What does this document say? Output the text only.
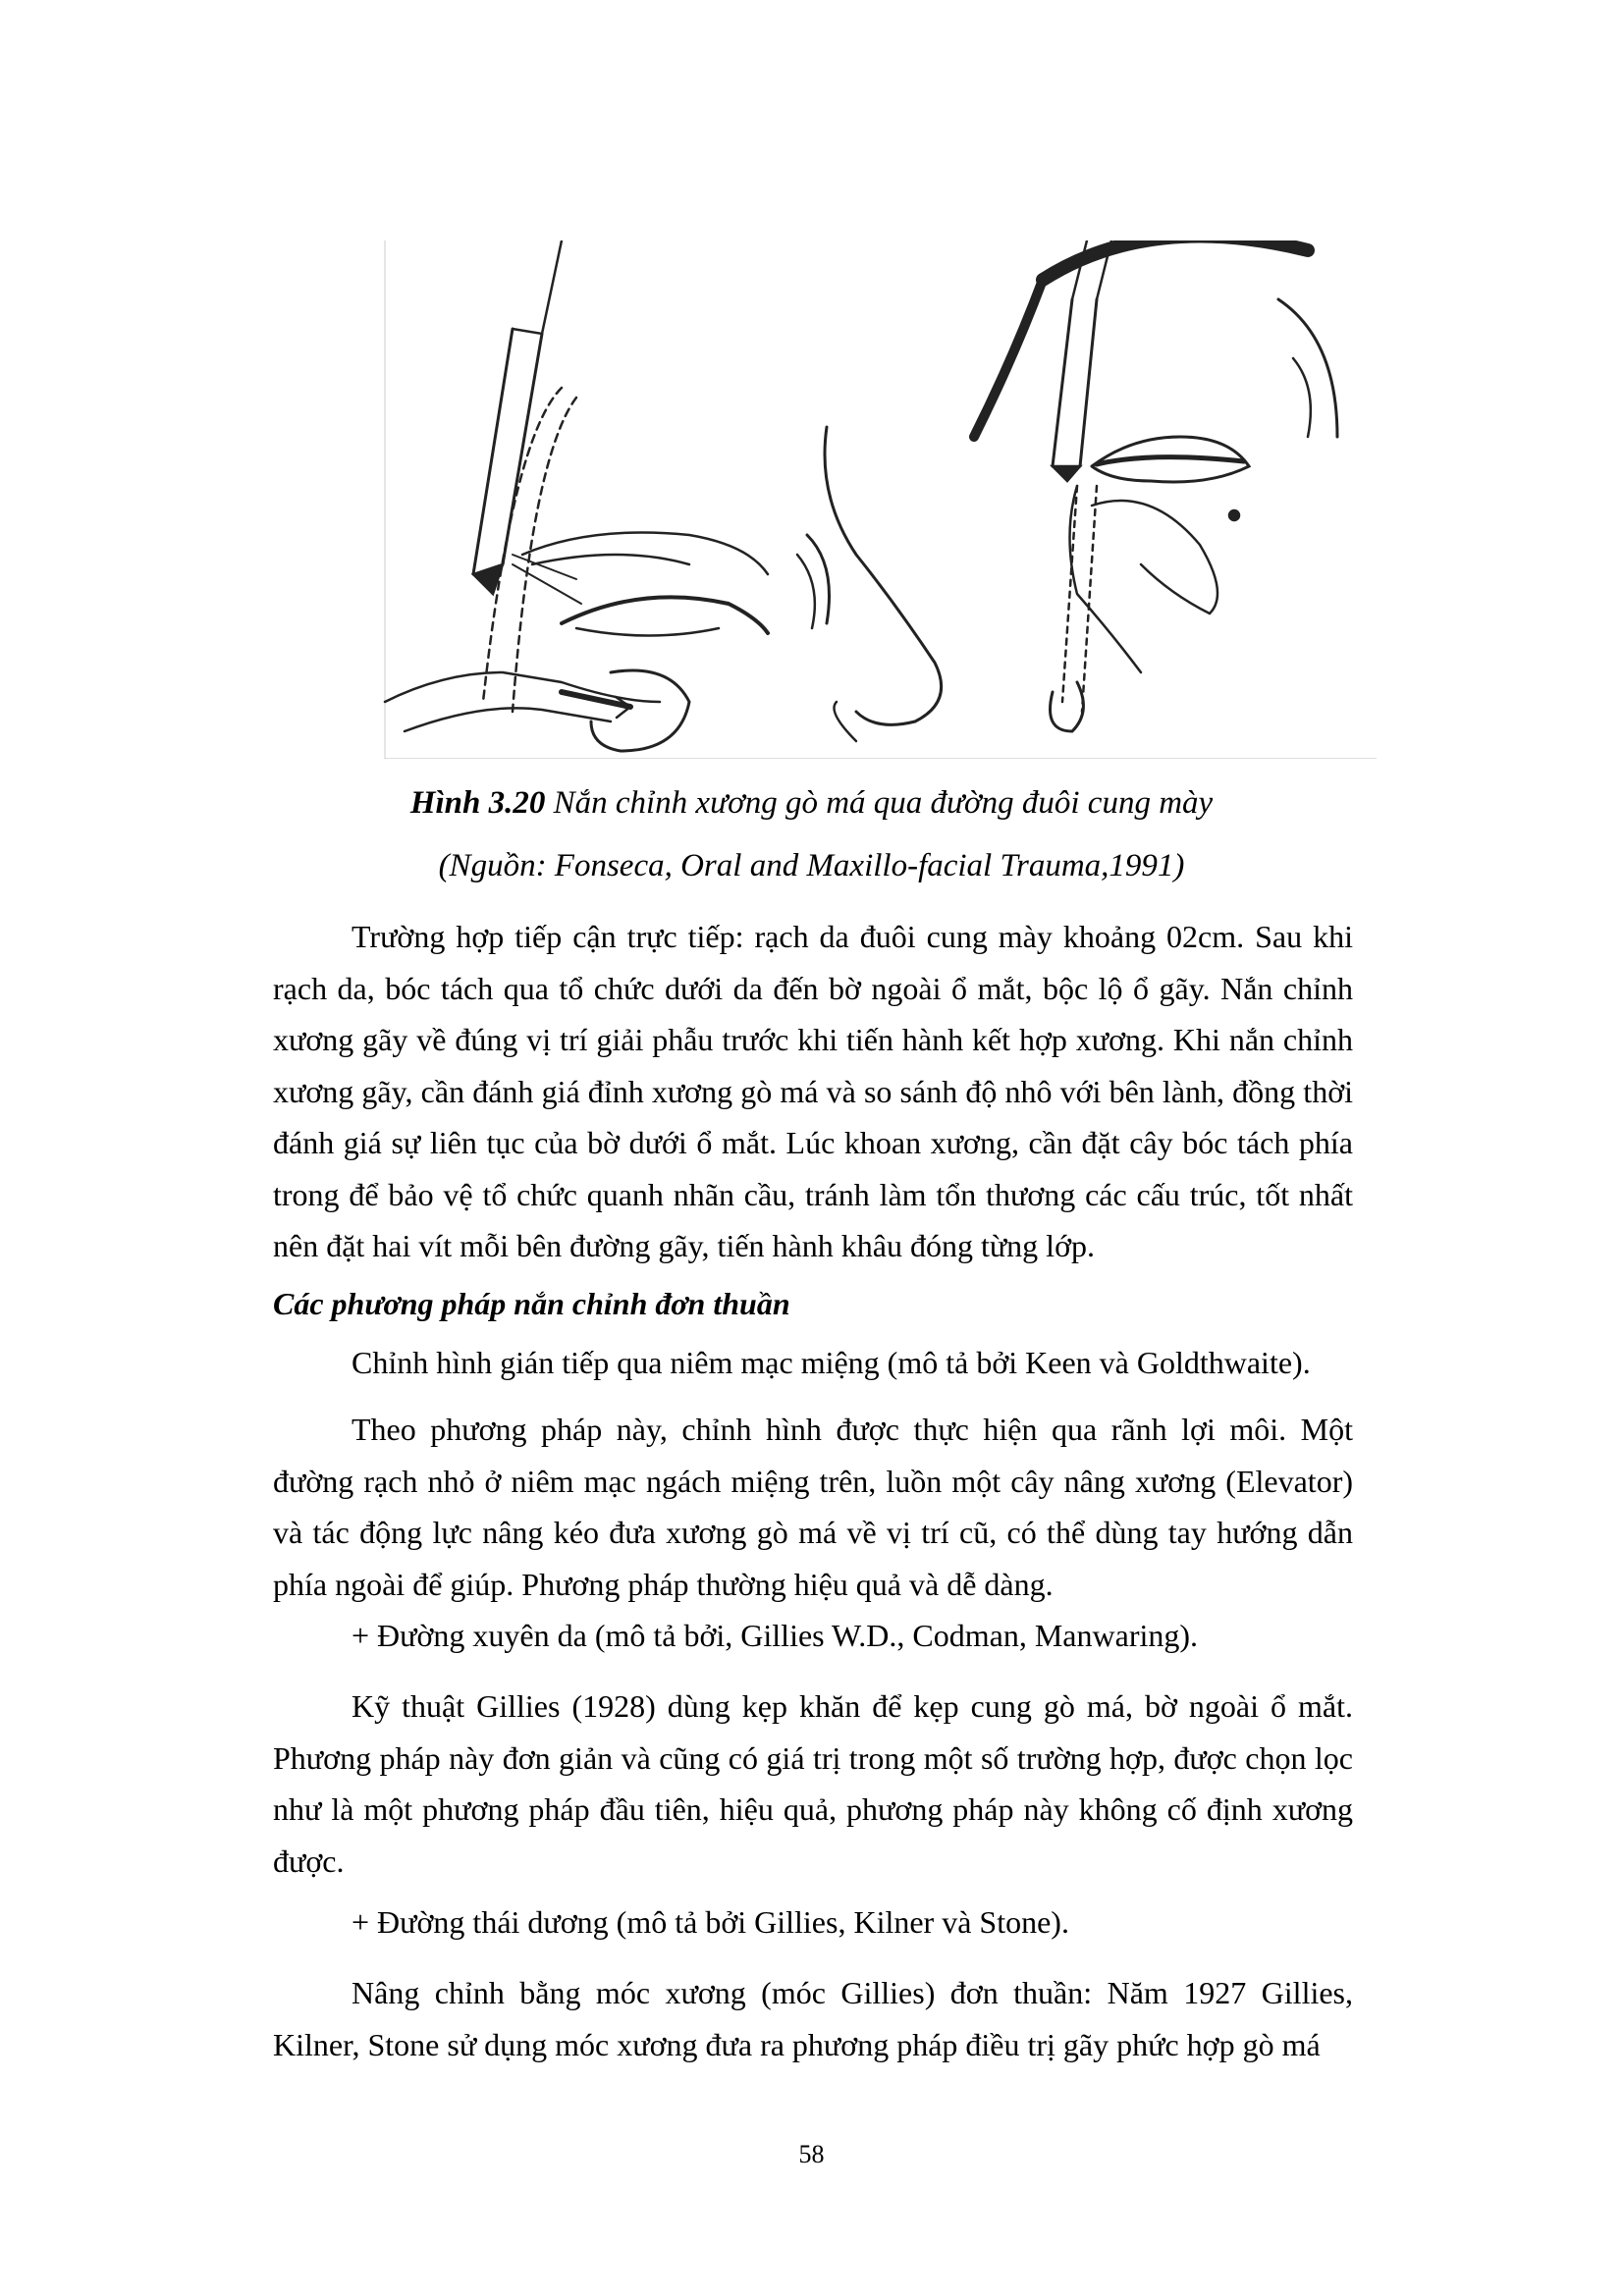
Hình 3.20 Nắn chỉnh xương gò má qua đường đuôi cung mày
(Nguồn: Fonseca, Oral and Maxillo-facial Trauma,1991)

Trường hợp tiếp cận trực tiếp: rạch da đuôi cung mày khoảng 02cm. Sau khi rạch da, bóc tách qua tổ chức dưới da đến bờ ngoài ổ mắt, bộc lộ ổ gãy. Nắn chỉnh xương gãy về đúng vị trí giải phẫu trước khi tiến hành kết hợp xương. Khi nắn chỉnh xương gãy, cần đánh giá đỉnh xương gò má và so sánh độ nhô với bên lành, đồng thời đánh giá sự liên tục của bờ dưới ổ mắt. Lúc khoan xương, cần đặt cây bóc tách phía trong để bảo vệ tổ chức quanh nhãn cầu, tránh làm tổn thương các cấu trúc, tốt nhất nên đặt hai vít mỗi bên đường gãy, tiến hành khâu đóng từng lớp.

Các phương pháp nắn chỉnh đơn thuần

Chỉnh hình gián tiếp qua niêm mạc miệng (mô tả bởi Keen và Goldthwaite).

Theo phương pháp này, chỉnh hình được thực hiện qua rãnh lợi môi. Một đường rạch nhỏ ở niêm mạc ngách miệng trên, luồn một cây nâng xương (Elevator) và tác động lực nâng kéo đưa xương gò má về vị trí cũ, có thể dùng tay hướng dẫn phía ngoài để giúp. Phương pháp thường hiệu quả và dễ dàng.

+ Đường xuyên da (mô tả bởi, Gillies W.D., Codman, Manwaring).

Kỹ thuật Gillies (1928) dùng kẹp khăn để kẹp cung gò má, bờ ngoài ổ mắt. Phương pháp này đơn giản và cũng có giá trị trong một số trường hợp, được chọn lọc như là một phương pháp đầu tiên, hiệu quả, phương pháp này không cố định xương được.

+ Đường thái dương (mô tả bởi Gillies, Kilner và Stone).

Nâng chỉnh bằng móc xương (móc Gillies) đơn thuần: Năm 1927 Gillies, Kilner, Stone sử dụng móc xương đưa ra phương pháp điều trị gãy phức hợp gò má

58
